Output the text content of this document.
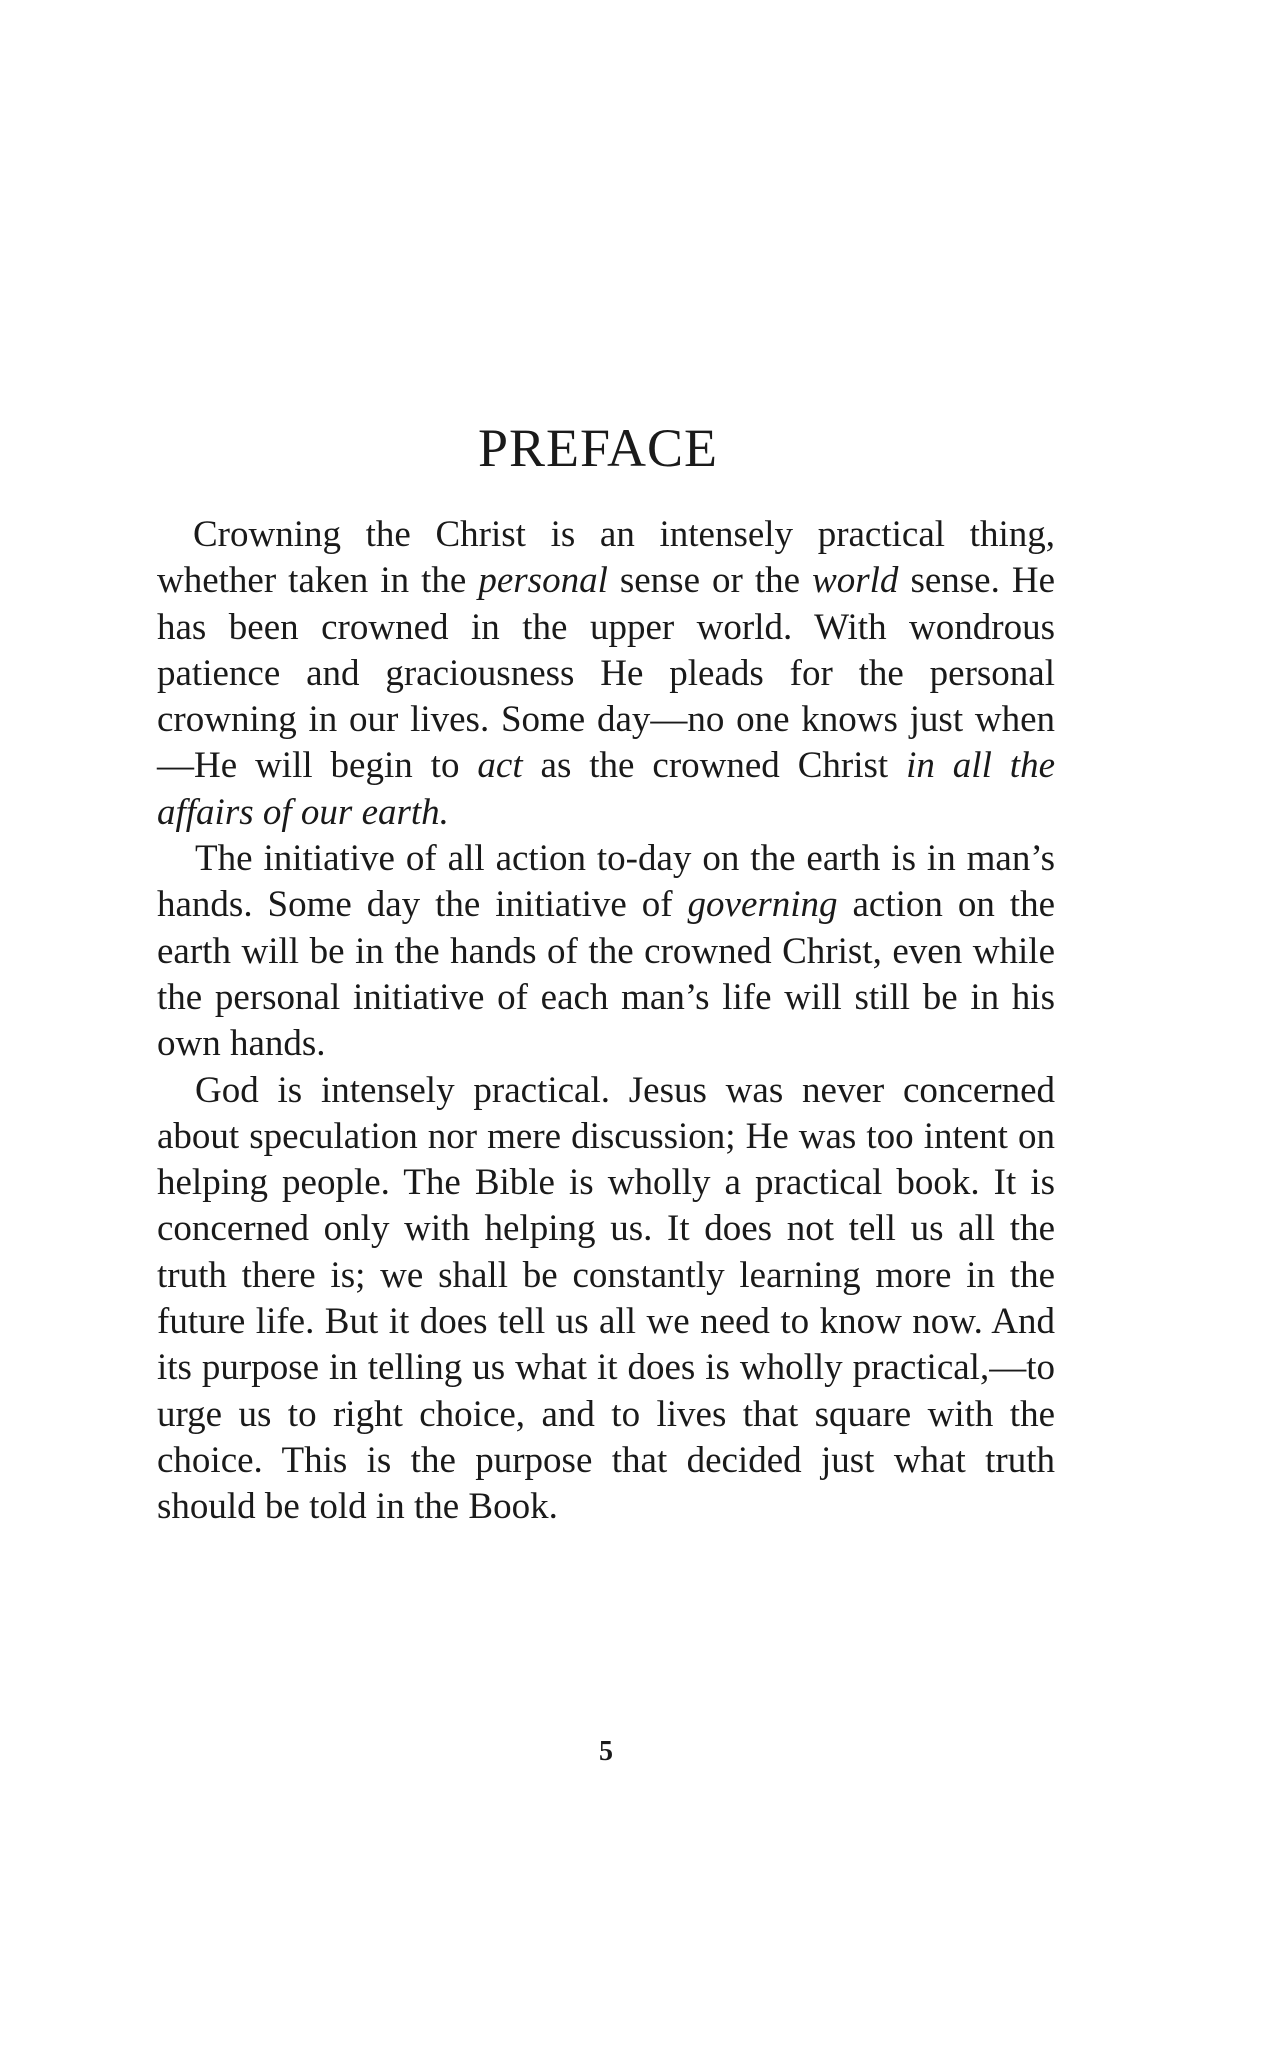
PREFACE

Crowning the Christ is an intensely practical thing, whether taken in the personal sense or the world sense. He has been crowned in the upper world. With wondrous patience and graciousness He pleads for the personal crowning in our lives. Some day—no one knows just when—He will begin to act as the crowned Christ in all the affairs of our earth.

The initiative of all action to-day on the earth is in man’s hands. Some day the initiative of governing action on the earth will be in the hands of the crowned Christ, even while the personal initiative of each man’s life will still be in his own hands.

God is intensely practical. Jesus was never concerned about speculation nor mere discussion; He was too intent on helping people. The Bible is wholly a practical book. It is concerned only with helping us. It does not tell us all the truth there is; we shall be constantly learning more in the future life. But it does tell us all we need to know now. And its purpose in telling us what it does is wholly practical,—to urge us to right choice, and to lives that square with the choice. This is the purpose that decided just what truth should be told in the Book.

5
